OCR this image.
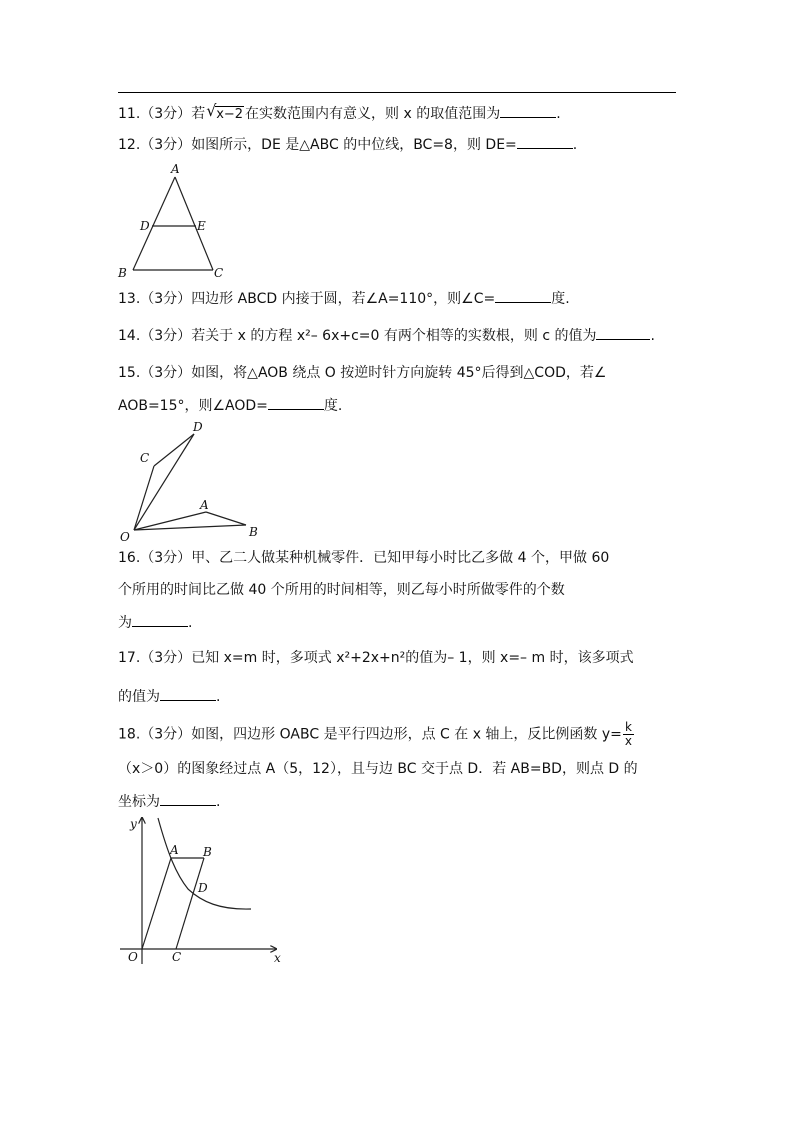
11.（3分）若 √ x−2 在实数范围内有意义，则 x 的取值范围为	.
12.（3分）如图所示，DE 是△ABC 的中位线，BC=8，则 DE=	.
A
D	E
B	C
13.（3分）四边形 ABCD 内接于圆，若∠A=110°，则∠C=	度.
14.（3分）若关于 x 的方程 x²– 6x+c=0 有两个相等的实数根，则 c 的值为	.
15.（3分）如图，将△AOB 绕点 O 按逆时针方向旋转 45°后得到△COD，若∠
AOB=15°，则∠AOD=	度.
D
C
A
B
O
16.（3分）甲、乙二人做某种机械零件．已知甲每小时比乙多做 4 个，甲做 60
个所用的时间比乙做 40 个所用的时间相等，则乙每小时所做零件的个数
为	.
17.（3分）已知 x=m 时，多项式 x²+2x+n²的值为– 1，则 x=– m 时，该多项式
的值为	.
18.（3分）如图，四边形 OABC 是平行四边形，点 C 在 x 轴上，反比例函数 $y= \frac{k}{x}$
（x＞0）的图象经过点 A（5，12），且与边 BC 交于点 D．若 AB=BD，则点 D 的
坐标为	.
y
A B
D
O	C	x
